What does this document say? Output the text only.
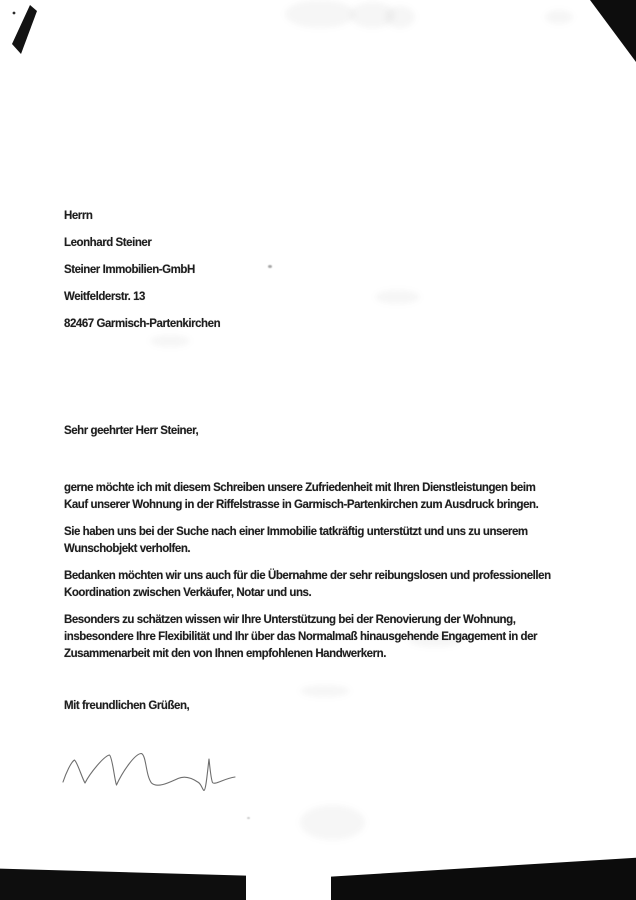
Herrn
Leonhard Steiner
Steiner Immobilien-GmbH
Weitfelderstr. 13
82467 Garmisch-Partenkirchen
Sehr geehrter Herr Steiner,

gerne möchte ich mit diesem Schreiben unsere Zufriedenheit mit Ihren Dienstleistungen beim Kauf unserer Wohnung in der Riffelstrasse in Garmisch-Partenkirchen zum Ausdruck bringen.

Sie haben uns bei der Suche nach einer Immobilie tatkräftig unterstützt und uns zu unserem Wunschobjekt verholfen.

Bedanken möchten wir uns auch für die Übernahme der sehr reibungslosen und professionellen Koordination zwischen Verkäufer, Notar und uns.

Besonders zu schätzen wissen wir Ihre Unterstützung bei der Renovierung der Wohnung, insbesondere Ihre Flexibilität und Ihr über das Normalmaß hinausgehende Engagement in der Zusammenarbeit mit den von Ihnen empfohlenen Handwerkern.

Mit freundlichen Grüßen,
